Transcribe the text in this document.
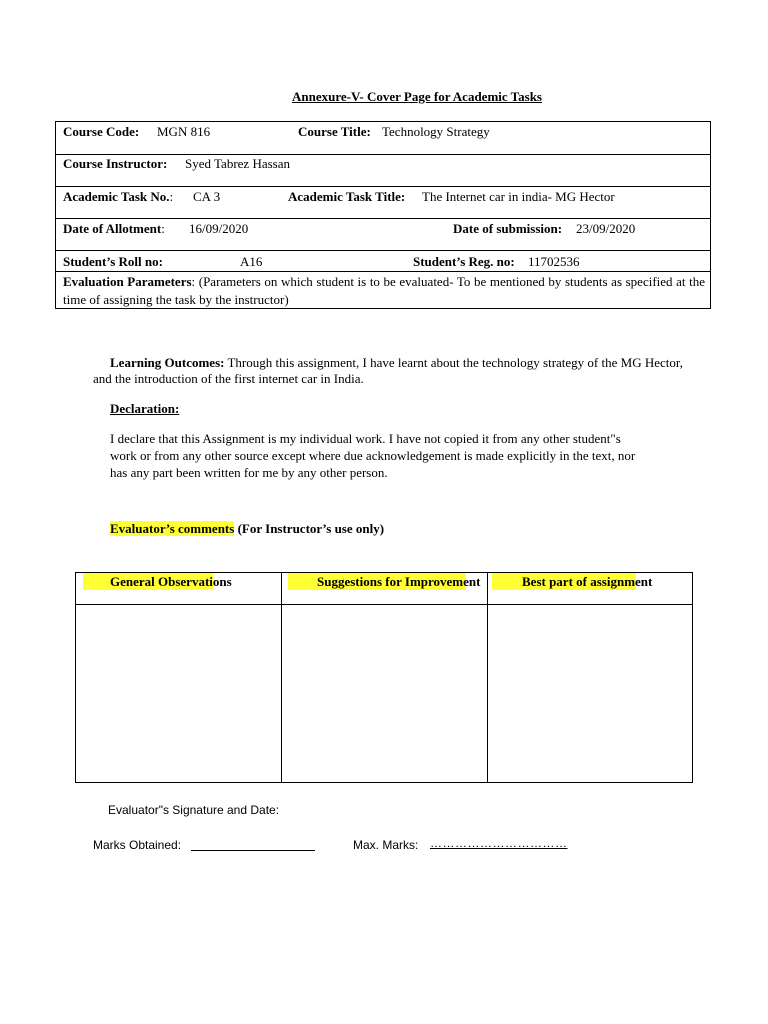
Annexure-V- Cover Page for Academic Tasks
Course Code: MGN 816	Course Title: Technology Strategy
Course Instructor: Syed Tabrez Hassan
Academic Task No.: CA 3	Academic Task Title: The Internet car in india- MG Hector
Date of Allotment: 16/09/2020	Date of submission: 23/09/2020
Student’s Roll no:	A16	Student’s Reg. no: 11702536
Evaluation Parameters: (Parameters on which student is to be evaluated- To be mentioned by students as specified at the time of assigning the task by the instructor)
Learning Outcomes: Through this assignment, I have learnt about the technology strategy of the MG Hector, and the introduction of the first internet car in India.
Declaration:
I declare that this Assignment is my individual work. I have not copied it from any other student"s work or from any other source except where due acknowledgement is made explicitly in the text, nor has any part been written for me by any other person.
Evaluator’s comments (For Instructor’s use only)
General Observations	Suggestions for Improvement	Best part of assignment
Evaluator"s Signature and Date:
Marks Obtained:	Max. Marks: ……………………………
